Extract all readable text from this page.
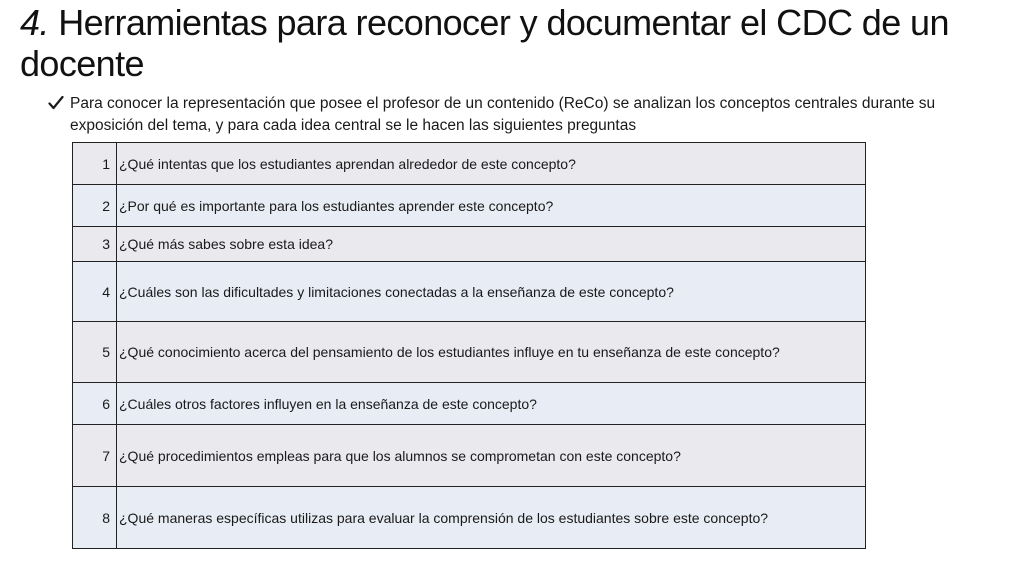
4. Herramientas para reconocer y documentar el CDC de un docente
Para conocer la representación que posee el profesor de un contenido (ReCo) se analizan los conceptos centrales durante su exposición del tema, y para cada idea central se le hacen las siguientes preguntas
1	¿Qué intentas que los estudiantes aprendan alrededor de este concepto?
2	¿Por qué es importante para los estudiantes aprender este concepto?
3	¿Qué más sabes sobre esta idea?
4	¿Cuáles son las dificultades y limitaciones conectadas a la enseñanza de este concepto?
5	¿Qué conocimiento acerca del pensamiento de los estudiantes influye en tu enseñanza de este concepto?
6	¿Cuáles otros factores influyen en la enseñanza de este concepto?
7	¿Qué procedimientos empleas para que los alumnos se comprometan con este concepto?
8	¿Qué maneras específicas utilizas para evaluar la comprensión de los estudiantes sobre este concepto?
